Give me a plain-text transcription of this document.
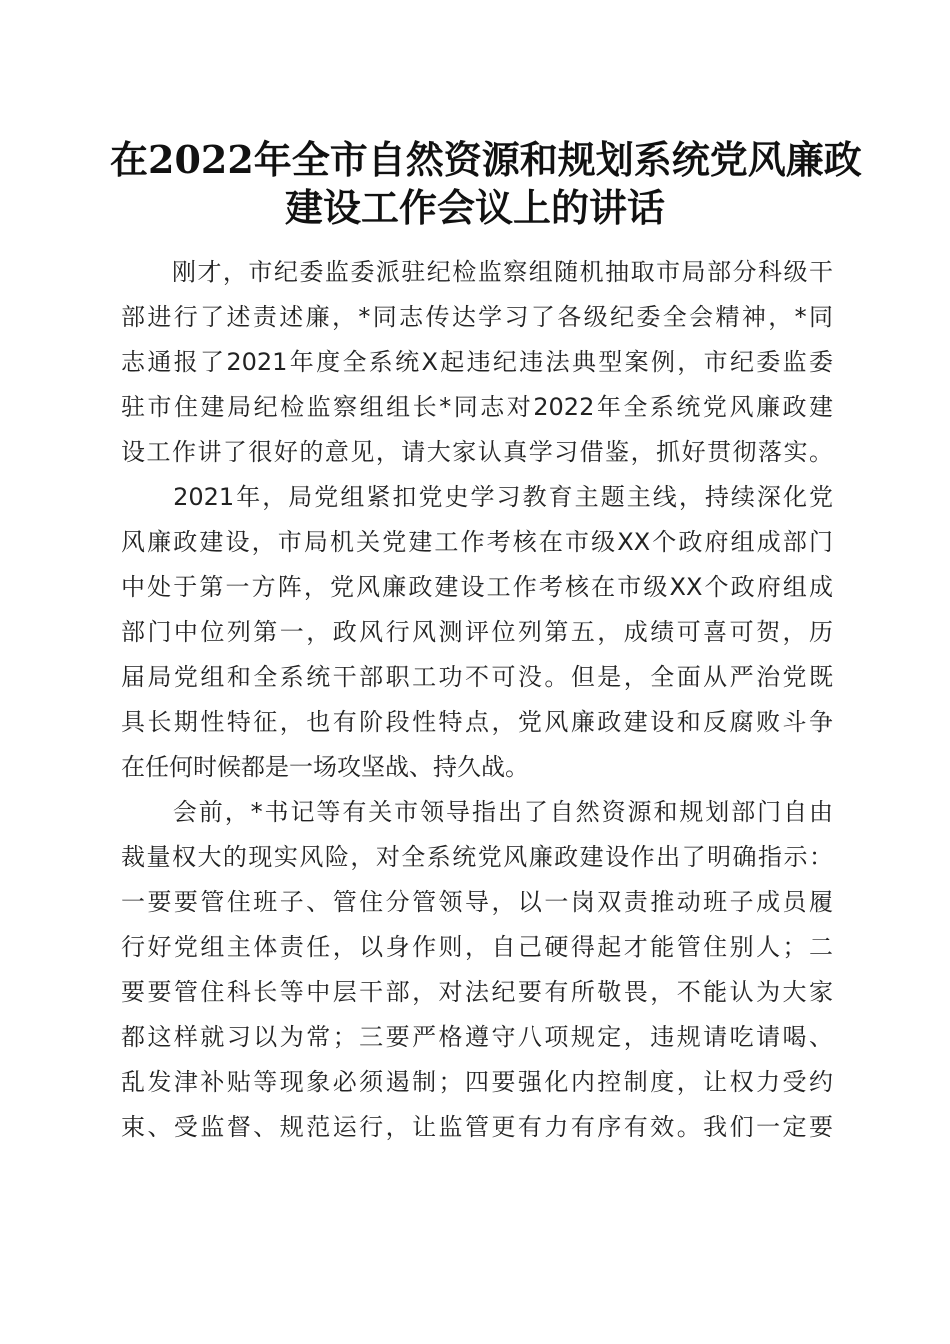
在2022年全市自然资源和规划系统党风廉政
建设工作会议上的讲话

　　刚才，市纪委监委派驻纪检监察组随机抽取市局部分科级干
部进行了述责述廉，*同志传达学习了各级纪委全会精神，*同
志通报了2021年度全系统X起违纪违法典型案例，市纪委监委
驻市住建局纪检监察组组长*同志对2022年全系统党风廉政建
设工作讲了很好的意见，请大家认真学习借鉴，抓好贯彻落实。

　　2021年，局党组紧扣党史学习教育主题主线，持续深化党
风廉政建设，市局机关党建工作考核在市级XX个政府组成部门
中处于第一方阵，党风廉政建设工作考核在市级XX个政府组成
部门中位列第一，政风行风测评位列第五，成绩可喜可贺，历
届局党组和全系统干部职工功不可没。但是，全面从严治党既
具长期性特征，也有阶段性特点，党风廉政建设和反腐败斗争
在任何时候都是一场攻坚战、持久战。

　　会前，*书记等有关市领导指出了自然资源和规划部门自由
裁量权大的现实风险，对全系统党风廉政建设作出了明确指示：
一要要管住班子、管住分管领导，以一岗双责推动班子成员履
行好党组主体责任，以身作则，自己硬得起才能管住别人；二
要要管住科长等中层干部，对法纪要有所敬畏，不能认为大家
都这样就习以为常；三要严格遵守八项规定，违规请吃请喝、
乱发津补贴等现象必须遏制；四要强化内控制度，让权力受约
束、受监督、规范运行，让监管更有力有序有效。我们一定要
